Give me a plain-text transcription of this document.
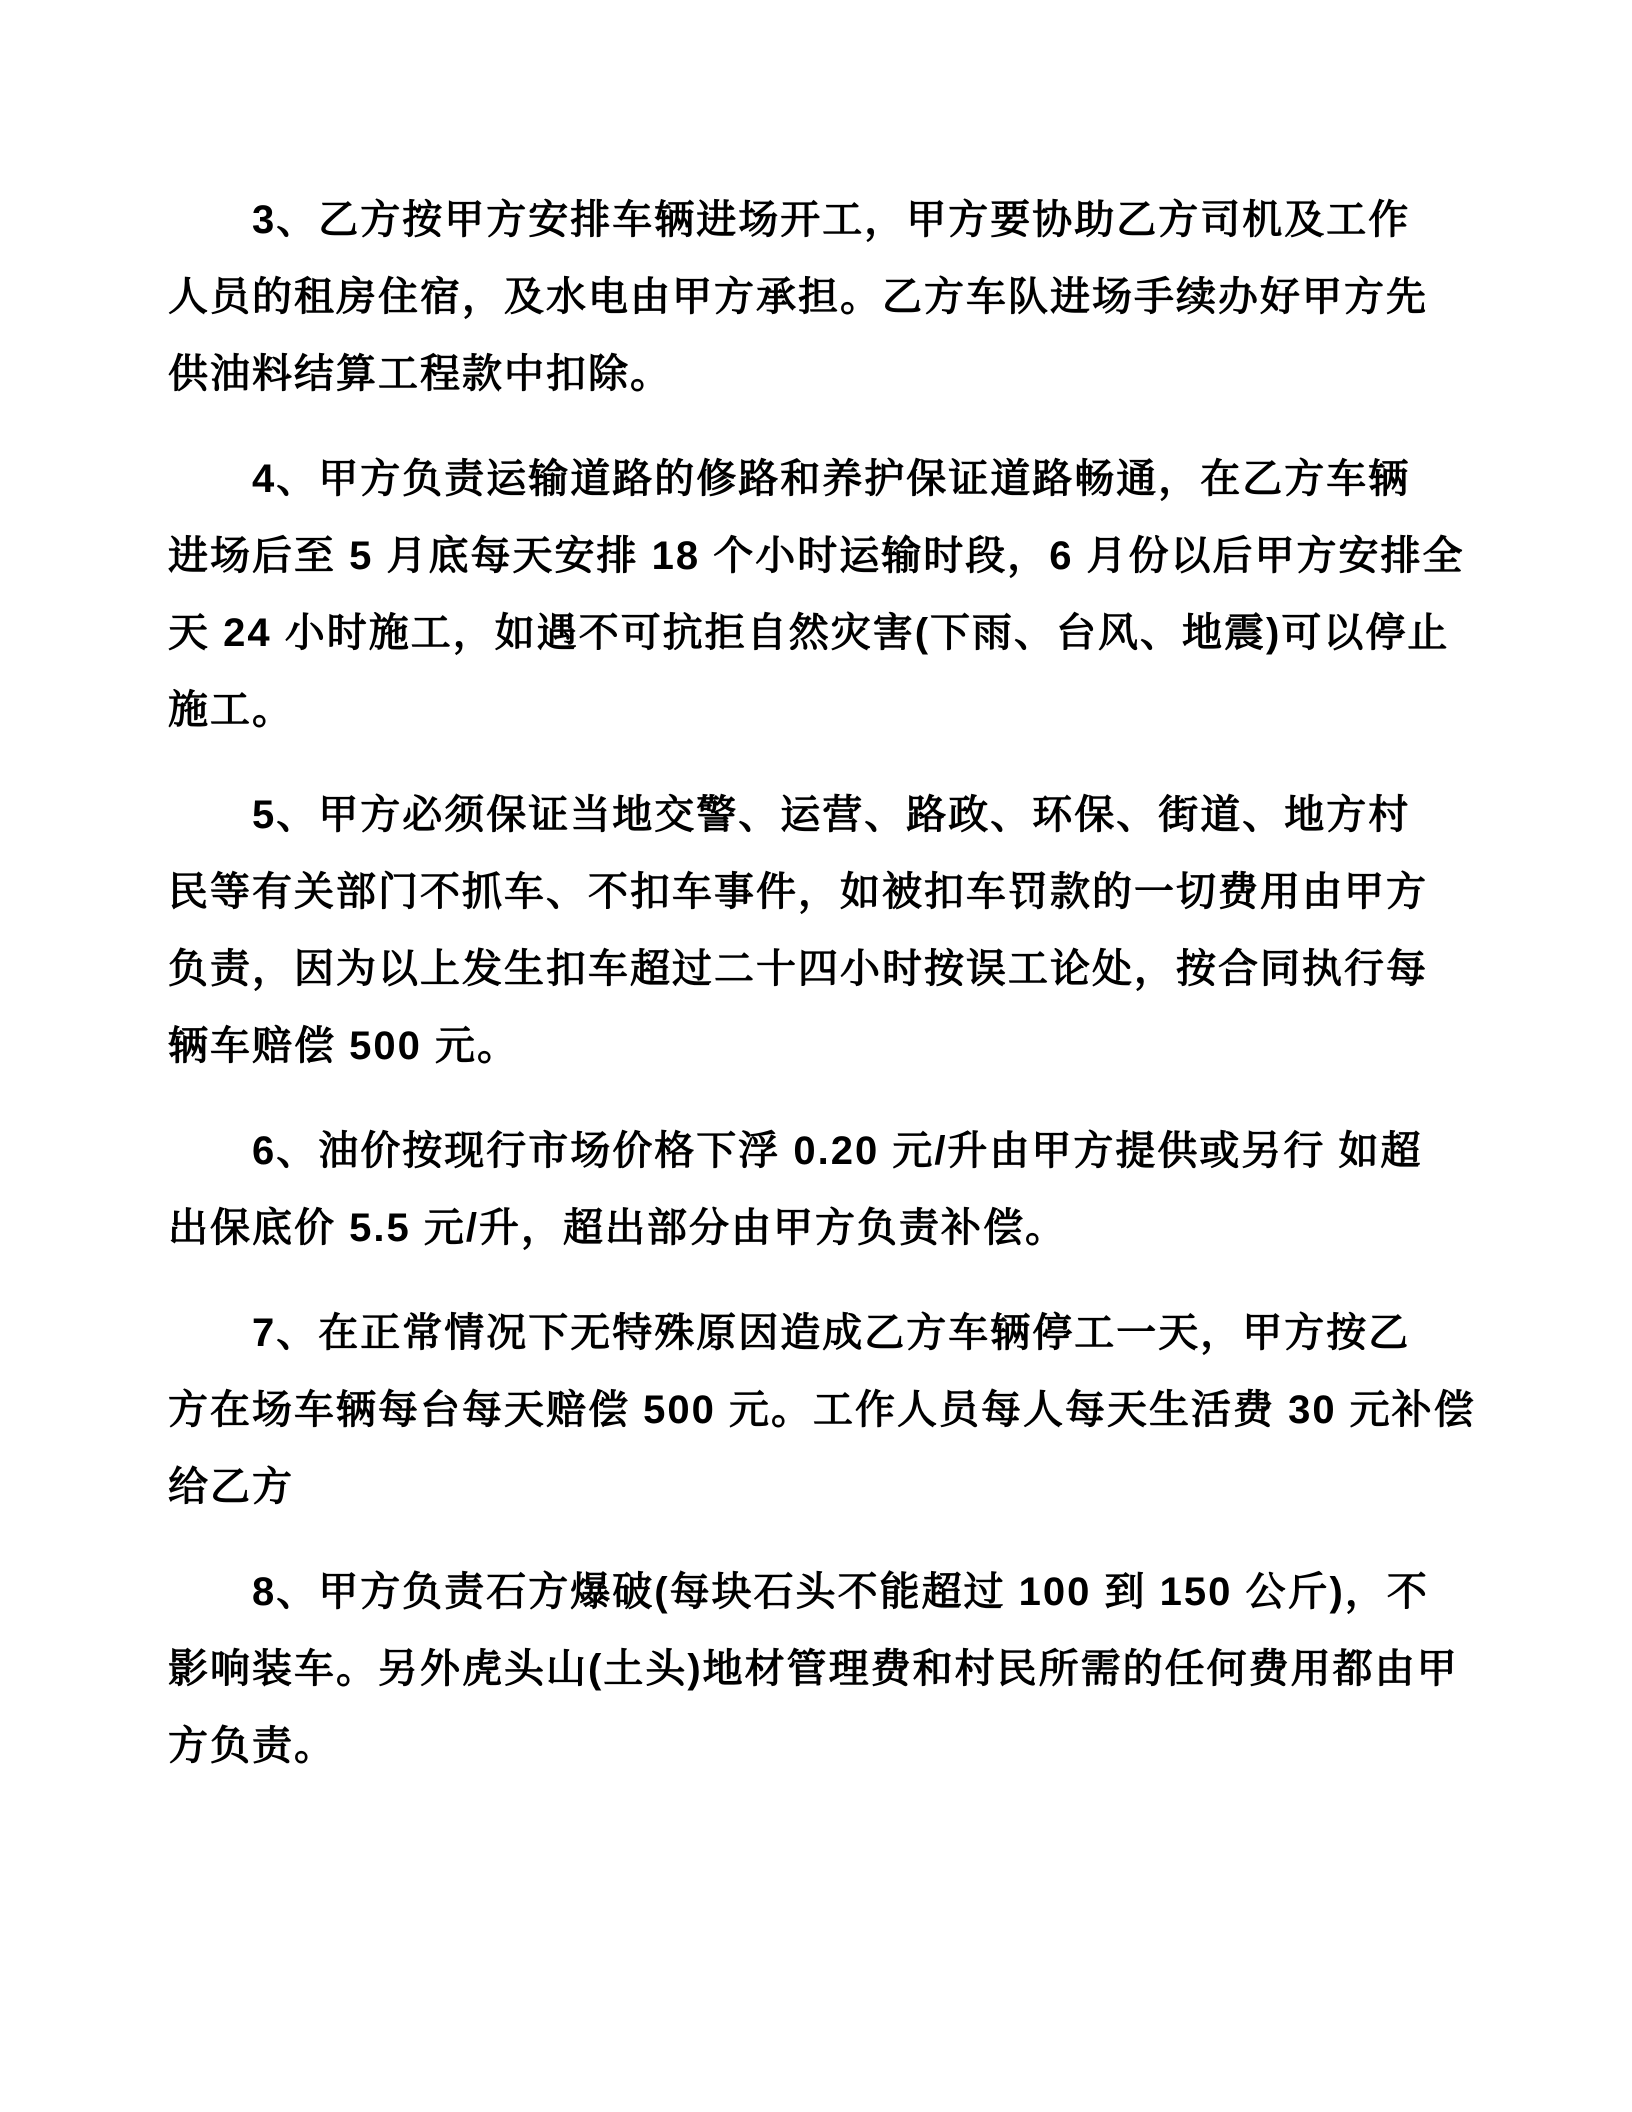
3、乙方按甲方安排车辆进场开工，甲方要协助乙方司机及工作
人员的租房住宿，及水电由甲方承担。乙方车队进场手续办好甲方先
供油料结算工程款中扣除。
4、甲方负责运输道路的修路和养护保证道路畅通，在乙方车辆
进场后至 5 月底每天安排 18 个小时运输时段，6 月份以后甲方安排全
天 24 小时施工，如遇不可抗拒自然灾害(下雨、台风、地震)可以停止
施工。
5、甲方必须保证当地交警、运营、路政、环保、街道、地方村
民等有关部门不抓车、不扣车事件，如被扣车罚款的一切费用由甲方
负责，因为以上发生扣车超过二十四小时按误工论处，按合同执行每
辆车赔偿 500 元。
6、油价按现行市场价格下浮 0.20 元/升由甲方提供或另行 如超
出保底价 5.5 元/升，超出部分由甲方负责补偿。
7、在正常情况下无特殊原因造成乙方车辆停工一天，甲方按乙
方在场车辆每台每天赔偿 500 元。工作人员每人每天生活费 30 元补偿
给乙方
8、甲方负责石方爆破(每块石头不能超过 100 到 150 公斤)，不
影响装车。另外虎头山(土头)地材管理费和村民所需的任何费用都由甲
方负责。
